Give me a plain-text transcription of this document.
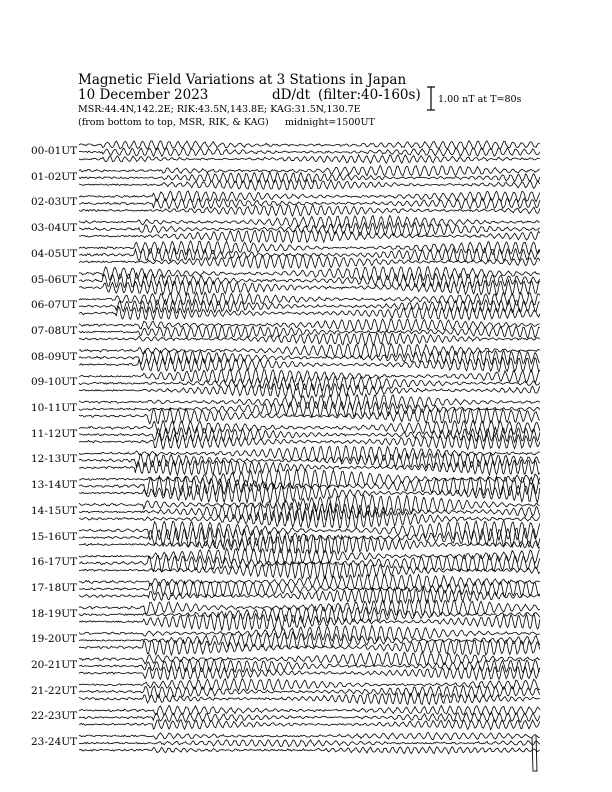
Magnetic Field Variations at 3 Stations in Japan
10 December 2023	dD/dt (filter:40-160s)
MSR:44.4N,142.2E; RIK:43.5N,143.8E; KAG:31.5N,130.7E
(from bottom to top, MSR, RIK, & KAG) midnight=1500UT
1.00 nT at T=80s
00-01UT
01-02UT
02-03UT
03-04UT
04-05UT
05-06UT
06-07UT
07-08UT
08-09UT
09-10UT
10-11UT
11-12UT
12-13UT
13-14UT
14-15UT
15-16UT
16-17UT
17-18UT
18-19UT
19-20UT
20-21UT
21-22UT
22-23UT
23-24UT
